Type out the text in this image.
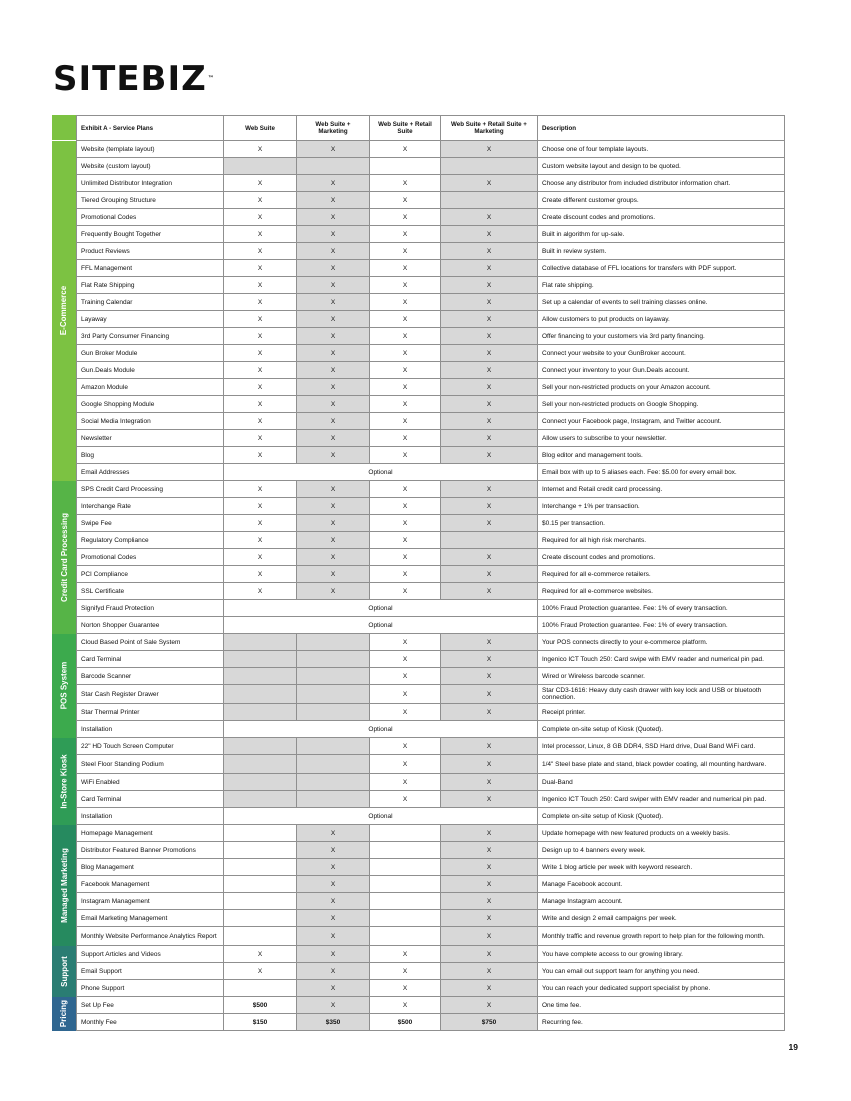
SITEBIZ™
E-Commerce
Credit Card Processing
POS System
In-Store Kiosk
Managed Marketing
Support
Pricing
Exhibit A - Service Plans	Web Suite	Web Suite + Marketing	Web Suite + Retail Suite	Web Suite + Retail Suite + Marketing	Description
Website (template layout)	X	X	X	X	Choose one of four template layouts.
Website (custom layout)					Custom website layout and design to be quoted.
Unlimited Distributor Integration	X	X	X	X	Choose any distributor from included distributor information chart.
Tiered Grouping Structure	X	X	X		Create different customer groups.
Promotional Codes	X	X	X	X	Create discount codes and promotions.
Frequently Bought Together	X	X	X	X	Built in algorithm for up-sale.
Product Reviews	X	X	X	X	Built in review system.
FFL Management	X	X	X	X	Collective database of FFL locations for transfers with PDF support.
Flat Rate Shipping	X	X	X	X	Flat rate shipping.
Training Calendar	X	X	X	X	Set up a calendar of events to sell training classes online.
Layaway	X	X	X	X	Allow customers to put products on layaway.
3rd Party Consumer Financing	X	X	X	X	Offer financing to your customers via 3rd party financing.
Gun Broker Module	X	X	X	X	Connect your website to your GunBroker account.
Gun.Deals Module	X	X	X	X	Connect your inventory to your Gun.Deals account.
Amazon Module	X	X	X	X	Sell your non-restricted products on your Amazon account.
Google Shopping Module	X	X	X	X	Sell your non-restricted products on Google Shopping.
Social Media Integration	X	X	X	X	Connect your Facebook page, Instagram, and Twitter account.
Newsletter	X	X	X	X	Allow users to subscribe to your newsletter.
Blog	X	X	X	X	Blog editor and management tools.
Email Addresses	Optional				Email box with up to 5 aliases each. Fee: $5.00 for every email box.
SPS Credit Card Processing	X	X	X	X	Internet and Retail credit card processing.
Interchange Rate	X	X	X	X	Interchange + 1% per transaction.
Swipe Fee	X	X	X	X	$0.15 per transaction.
Regulatory Compliance	X	X	X		Required for all high risk merchants.
Promotional Codes	X	X	X	X	Create discount codes and promotions.
PCI Compliance	X	X	X	X	Required for all e-commerce retailers.
SSL Certificate	X	X	X	X	Required for all e-commerce websites.
Signifyd Fraud Protection	Optional				100% Fraud Protection guarantee. Fee: 1% of every transaction.
Norton Shopper Guarantee	Optional				100% Fraud Protection guarantee. Fee: 1% of every transaction.
Cloud Based Point of Sale System			X	X	Your POS connects directly to your e-commerce platform.
Card Terminal			X	X	Ingenico ICT Touch 250: Card swipe with EMV reader and numerical pin pad.
Barcode Scanner			X	X	Wired or Wireless barcode scanner.
Star Cash Register Drawer			X	X	Star CD3-1616: Heavy duty cash drawer with key lock and USB or bluetooth connection.
Star Thermal Printer			X	X	Receipt printer.
Installation	Optional				Complete on-site setup of Kiosk (Quoted).
22" HD Touch Screen Computer			X	X	Intel processor, Linux, 8 GB DDR4, SSD Hard drive, Dual Band WiFi card.
Steel Floor Standing Podium			X	X	1/4" Steel base plate and stand, black powder coating, all mounting hardware.
WiFi Enabled			X	X	Dual-Band
Card Terminal			X	X	Ingenico ICT Touch 250: Card swiper with EMV reader and numerical pin pad.
Installation	Optional				Complete on-site setup of Kiosk (Quoted).
Homepage Management		X		X	Update homepage with new featured products on a weekly basis.
Distributor Featured Banner Promotions		X		X	Design up to 4 banners every week.
Blog Management		X		X	Write 1 blog article per week with keyword research.
Facebook Management		X		X	Manage Facebook account.
Instagram Management		X		X	Manage Instagram account.
Email Marketing Management		X		X	Write and design 2 email campaigns per week.
Monthly Website Performance Analytics Report		X		X	Monthly traffic and revenue growth report to help plan for the following month.
Support Articles and Videos	X	X	X	X	You have complete access to our growing library.
Email Support	X	X	X	X	You can email out support team for anything you need.
Phone Support		X	X	X	You can reach your dedicated support specialist by phone.
Set Up Fee	$500	X	X	X	One time fee.
Monthly Fee	$150	$350	$500	$750	Recurring fee.
19
